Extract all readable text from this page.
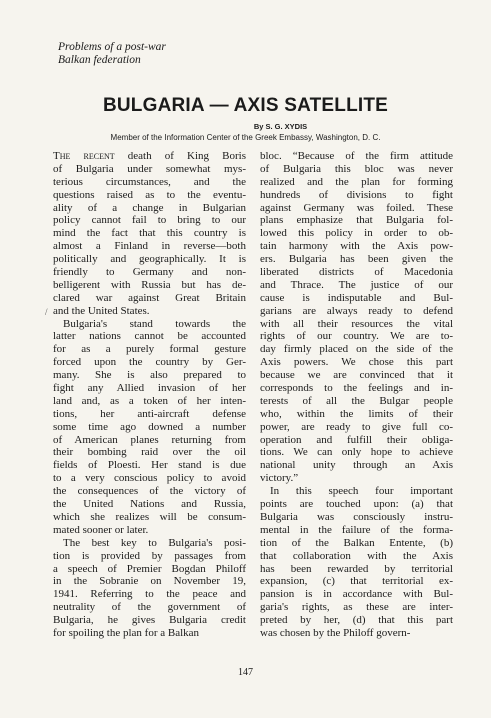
Problems of a post-war
Balkan federation
BULGARIA — AXIS SATELLITE
By S. G. XYDIS
Member of the Information Center of the Greek Embassy, Washington, D. C.
The recent death of King Boris
of Bulgaria under somewhat mys-
terious circumstances, and the
questions raised as to the eventu-
ality of a change in Bulgarian
policy cannot fail to bring to our
mind the fact that this country is
almost a Finland in reverse—both
politically and geographically. It is
friendly to Germany and non-
belligerent with Russia but has de-
clared war against Great Britain
and the United States.
Bulgaria's stand towards the
latter nations cannot be accounted
for as a purely formal gesture
forced upon the country by Ger-
many. She is also prepared to
fight any Allied invasion of her
land and, as a token of her inten-
tions, her anti-aircraft defense
some time ago downed a number
of American planes returning from
their bombing raid over the oil
fields of Ploesti. Her stand is due
to a very conscious policy to avoid
the consequences of the victory of
the United Nations and Russia,
which she realizes will be consum-
mated sooner or later.
The best key to Bulgaria's posi-
tion is provided by passages from
a speech of Premier Bogdan Philoff
in the Sobranie on November 19,
1941. Referring to the peace and
neutrality of the government of
Bulgaria, he gives Bulgaria credit
for spoiling the plan for a Balkan
bloc. “Because of the firm attitude
of Bulgaria this bloc was never
realized and the plan for forming
hundreds of divisions to fight
against Germany was foiled. These
plans emphasize that Bulgaria fol-
lowed this policy in order to ob-
tain harmony with the Axis pow-
ers. Bulgaria has been given the
liberated districts of Macedonia
and Thrace. The justice of our
cause is indisputable and Bul-
garians are always ready to defend
with all their resources the vital
rights of our country. We are to-
day firmly placed on the side of the
Axis powers. We chose this part
because we are convinced that it
corresponds to the feelings and in-
terests of all the Bulgar people
who, within the limits of their
power, are ready to give full co-
operation and fulfill their obliga-
tions. We can only hope to achieve
national unity through an Axis
victory.”
In this speech four important
points are touched upon: (a) that
Bulgaria was consciously instru-
mental in the failure of the forma-
tion of the Balkan Entente, (b)
that collaboration with the Axis
has been rewarded by territorial
expansion, (c) that territorial ex-
pansion is in accordance with Bul-
garia's rights, as these are inter-
preted by her, (d) that this part
was chosen by the Philoff govern-
/
147
